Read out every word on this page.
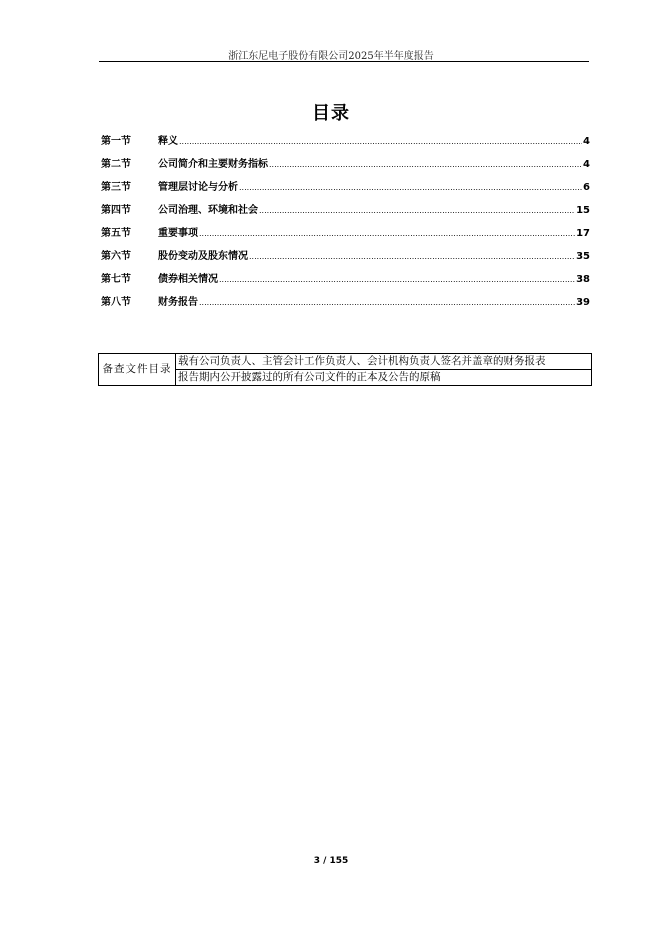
浙江东尼电子股份有限公司2025年半年度报告
目录
第一节	释义 .....	4
第二节	公司简介和主要财务指标 .....	4
第三节	管理层讨论与分析 .....	6
第四节	公司治理、环境和社会 .....	15
第五节	重要事项 .....	17
第六节	股份变动及股东情况 .....	35
第七节	债券相关情况 .....	38
第八节	财务报告 .....	39
备查文件目录	载有公司负责人、主管会计工作负责人、会计机构负责人签名并盖章的财务报表
报告期内公开披露过的所有公司文件的正本及公告的原稿
3 / 155
